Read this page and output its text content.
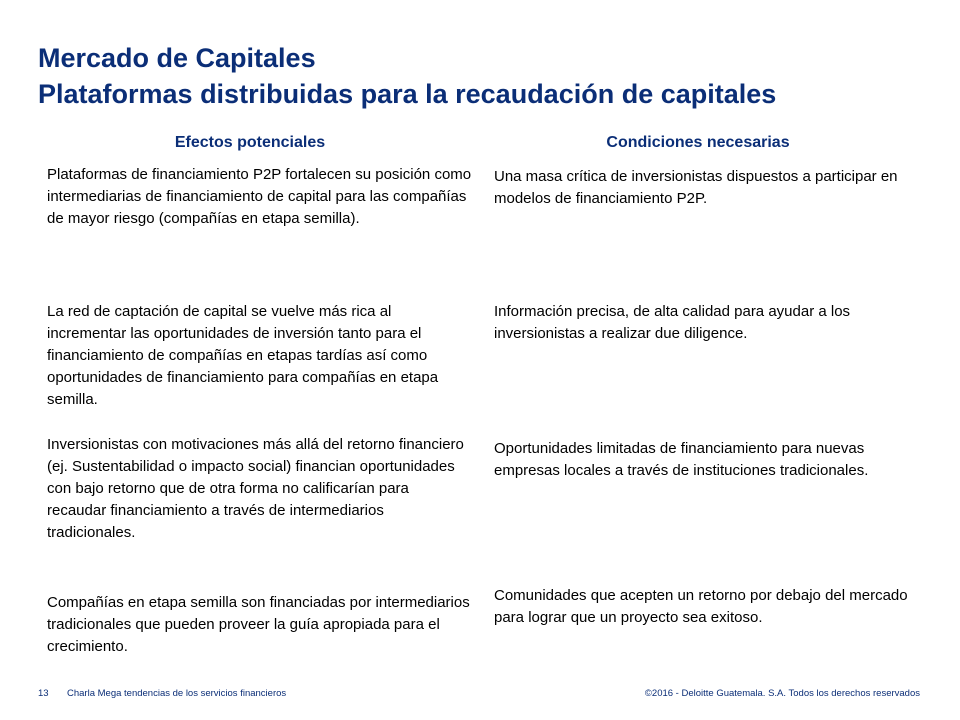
Mercado de Capitales
Plataformas distribuidas para la recaudación de capitales
Efectos potenciales	Condiciones necesarias
Plataformas de financiamiento P2P fortalecen su posición como intermediarias de financiamiento de capital para las compañías de mayor riesgo (compañías en etapa semilla).
Una masa crítica de inversionistas dispuestos a participar en modelos de financiamiento P2P.
La red de captación de capital se vuelve más rica al incrementar las oportunidades de inversión tanto para el financiamiento de compañías en etapas tardías así como oportunidades de financiamiento para compañías en etapa semilla.
Información precisa, de alta calidad para ayudar a los inversionistas a realizar due diligence.
Inversionistas con motivaciones más allá del retorno financiero (ej. Sustentabilidad o impacto social) financian oportunidades con bajo retorno que de otra forma no calificarían para recaudar financiamiento a través de intermediarios tradicionales.
Oportunidades limitadas de financiamiento para nuevas empresas locales a través de instituciones tradicionales.
Compañías en etapa semilla son financiadas por intermediarios tradicionales que pueden proveer la guía apropiada para el crecimiento.
Comunidades que acepten un retorno por debajo del mercado para lograr que un proyecto sea exitoso.
13 Charla Mega tendencias de los servicios financieros	©2016 - Deloitte Guatemala. S.A. Todos los derechos reservados
